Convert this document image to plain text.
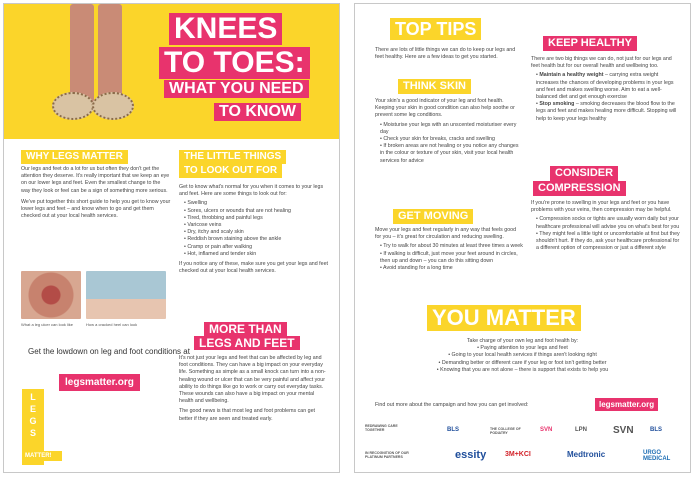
KNEES
TO TOES:
WHAT YOU NEED
TO KNOW
WHY LEGS MATTER

Our legs and feet do a lot for us but often they don't get the attention they deserve. It's really important that we keep an eye on our lower legs and feet. Even the smallest change to the way they look or feel can be a sign of something more serious.

We've put together this short guide to help you get to know your lower legs and feet – and know when to go and get them checked out at your local health services.

What a leg ulcer can look like	How a cracked heel can look
THE LITTLE THINGS
TO LOOK OUT FOR

Get to know what's normal for you when it comes to your legs and feet. Here are some things to look out for:

• Swelling

• Sores, ulcers or wounds that are not healing

• Tired, throbbing and painful legs

• Varicose veins

• Dry, itchy and scaly skin

• Reddish brown staining above the ankle

• Cramp or pain after walking

• Hot, inflamed and tender skin

If you notice any of these, make sure you get your legs and feet checked out at your local health services.

MORE THAN
LEGS AND FEET

It's not just your legs and feet that can be affected by leg and foot conditions. They can have a big impact on your everyday life. Something as simple as a small knock can turn into a non-healing wound or ulcer that can be very painful and affect your ability to do things like go to work or carry out everyday tasks. These wounds can also have a big impact on your mental health and wellbeing.

The good news is that most leg and foot problems can get better if they are seen and treated early.

Get the lowdown on leg and foot conditions at
legsmatter.org
L
E
G
S
MATTER!
TOP TIPS
There are lots of little things we can do to keep our legs and feet healthy. Here are a few ideas to get you started.
THINK SKIN

Your skin's a good indicator of your leg and foot health. Keeping your skin in good condition can also help soothe or prevent some leg conditions.

• Moisturise your legs with an unscented moisturiser every day

• Check your skin for breaks, cracks and swelling

• If broken areas are not healing or you notice any changes in the colour or texture of your skin, visit your local health services for advice

GET MOVING

Move your legs and feet regularly in any way that feels good for you – it's great for circulation and reducing swelling.

• Try to walk for about 30 minutes at least three times a week

• If walking is difficult, just move your feet around in circles, then up and down – you can do this sitting down

• Avoid standing for a long time

KEEP HEALTHY

There are two big things we can do, not just for our legs and feet health but for our overall health and wellbeing too.

• Maintain a healthy weight – carrying extra weight increases the chances of developing problems in your legs and feet and makes swelling worse. Aim to eat a well-balanced diet and get enough exercise

• Stop smoking – smoking decreases the blood flow to the legs and feet and makes healing more difficult. Stopping will help to keep your legs healthy

CONSIDER
COMPRESSION

If you're prone to swelling in your legs and feet or you have problems with your veins, then compression may be helpful.

• Compression socks or tights are usually worn daily but your healthcare professional will advise you on what's best for you

• They might feel a little tight or uncomfortable at first but they shouldn't hurt. If they do, ask your healthcare professional for a different option of compression or just a different style

YOU MATTER

Take charge of your own leg and foot health by:

• Paying attention to your legs and feet

• Going to your local health services if things aren't looking right

• Demanding better or different care if your leg or foot isn't getting better

• Knowing that you are not alone – there is support that exists to help you

Find out more about the campaign and how you can get involved:	legsmatter.org
REDRAWING CARE TOGETHER	BLS	THE COLLEGE OF PODIATRY	SVN	LPN	SVN	BLS
IN RECOGNITION OF OUR PLATINUM PARTNERS	essity	3M+KCI	Medtronic	URGO MEDICAL
